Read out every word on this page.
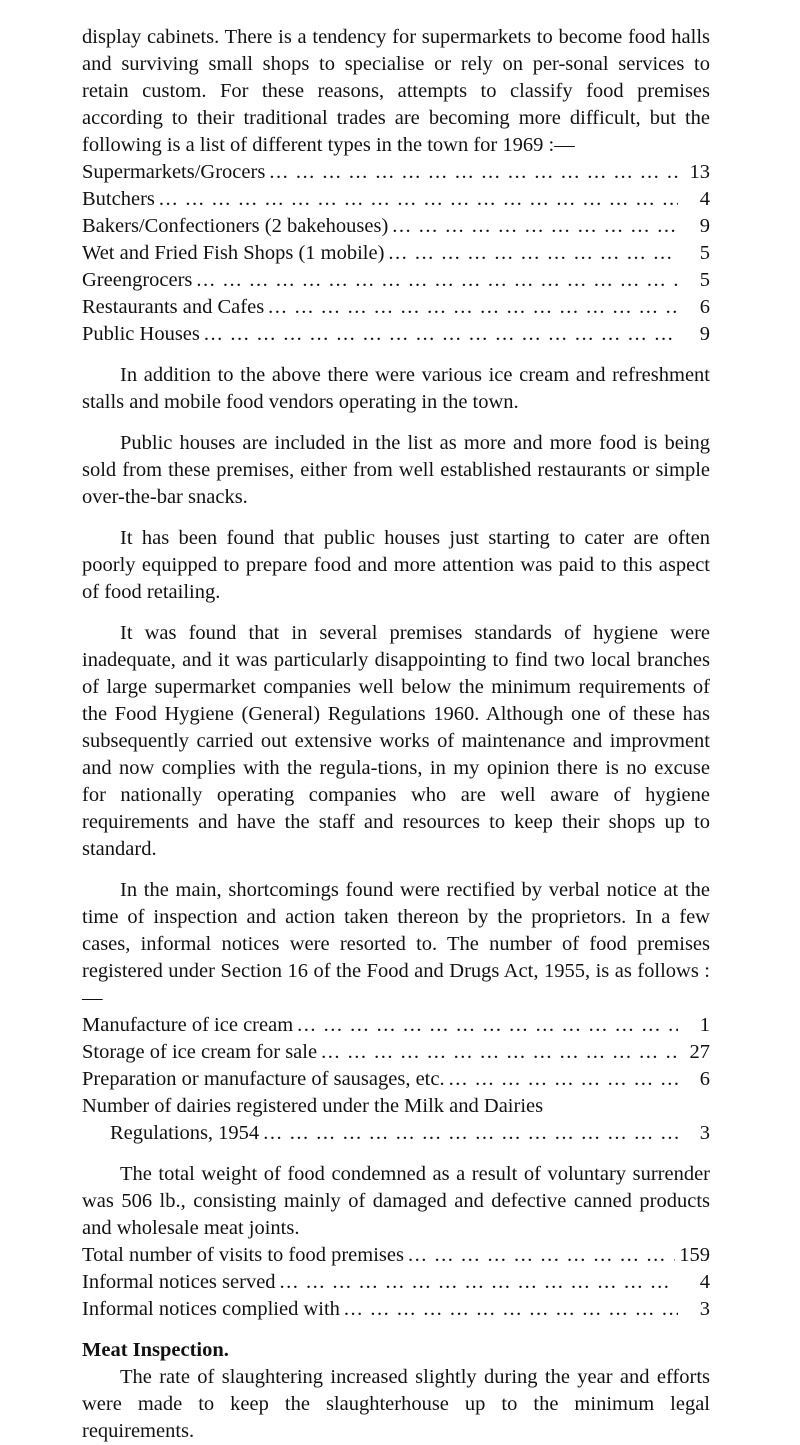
display cabinets. There is a tendency for supermarkets to become food halls and surviving small shops to specialise or rely on per-sonal services to retain custom. For these reasons, attempts to classify food premises according to their traditional trades are becoming more difficult, but the following is a list of different types in the town for 1969 :—

Supermarkets/Grocers ... .	13
Butchers ... .	4
Bakers/Confectioners (2 bakehouses) ... .	9
Wet and Fried Fish Shops (1 mobile) ... .	5
Greengrocers ... .	5
Restaurants and Cafes ... .	6
Public Houses ... .	9

In addition to the above there were various ice cream and refreshment stalls and mobile food vendors operating in the town.

Public houses are included in the list as more and more food is being sold from these premises, either from well established restaurants or simple over-the-bar snacks.

It has been found that public houses just starting to cater are often poorly equipped to prepare food and more attention was paid to this aspect of food retailing.

It was found that in several premises standards of hygiene were inadequate, and it was particularly disappointing to find two local branches of large supermarket companies well below the minimum requirements of the Food Hygiene (General) Regulations 1960. Although one of these has subsequently carried out extensive works of maintenance and improvment and now complies with the regula-tions, in my opinion there is no excuse for nationally operating companies who are well aware of hygiene requirements and have the staff and resources to keep their shops up to standard.

In the main, shortcomings found were rectified by verbal notice at the time of inspection and action taken thereon by the proprietors. In a few cases, informal notices were resorted to. The number of food premises registered under Section 16 of the Food and Drugs Act, 1955, is as follows :—

Manufacture of ice cream ... .	1
Storage of ice cream for sale ... .	27
Preparation or manufacture of sausages, etc. ... .	6
Number of dairies registered under the Milk and Dairies
Regulations, 1954 ... .	3

The total weight of food condemned as a result of voluntary surrender was 506 lb., consisting mainly of damaged and defective canned products and wholesale meat joints.

Total number of visits to food premises ... .	159
Informal notices served ... .	4
Informal notices complied with ... .	3
Meat Inspection.

The rate of slaughtering increased slightly during the year and efforts were made to keep the slaughterhouse up to the minimum legal requirements.
